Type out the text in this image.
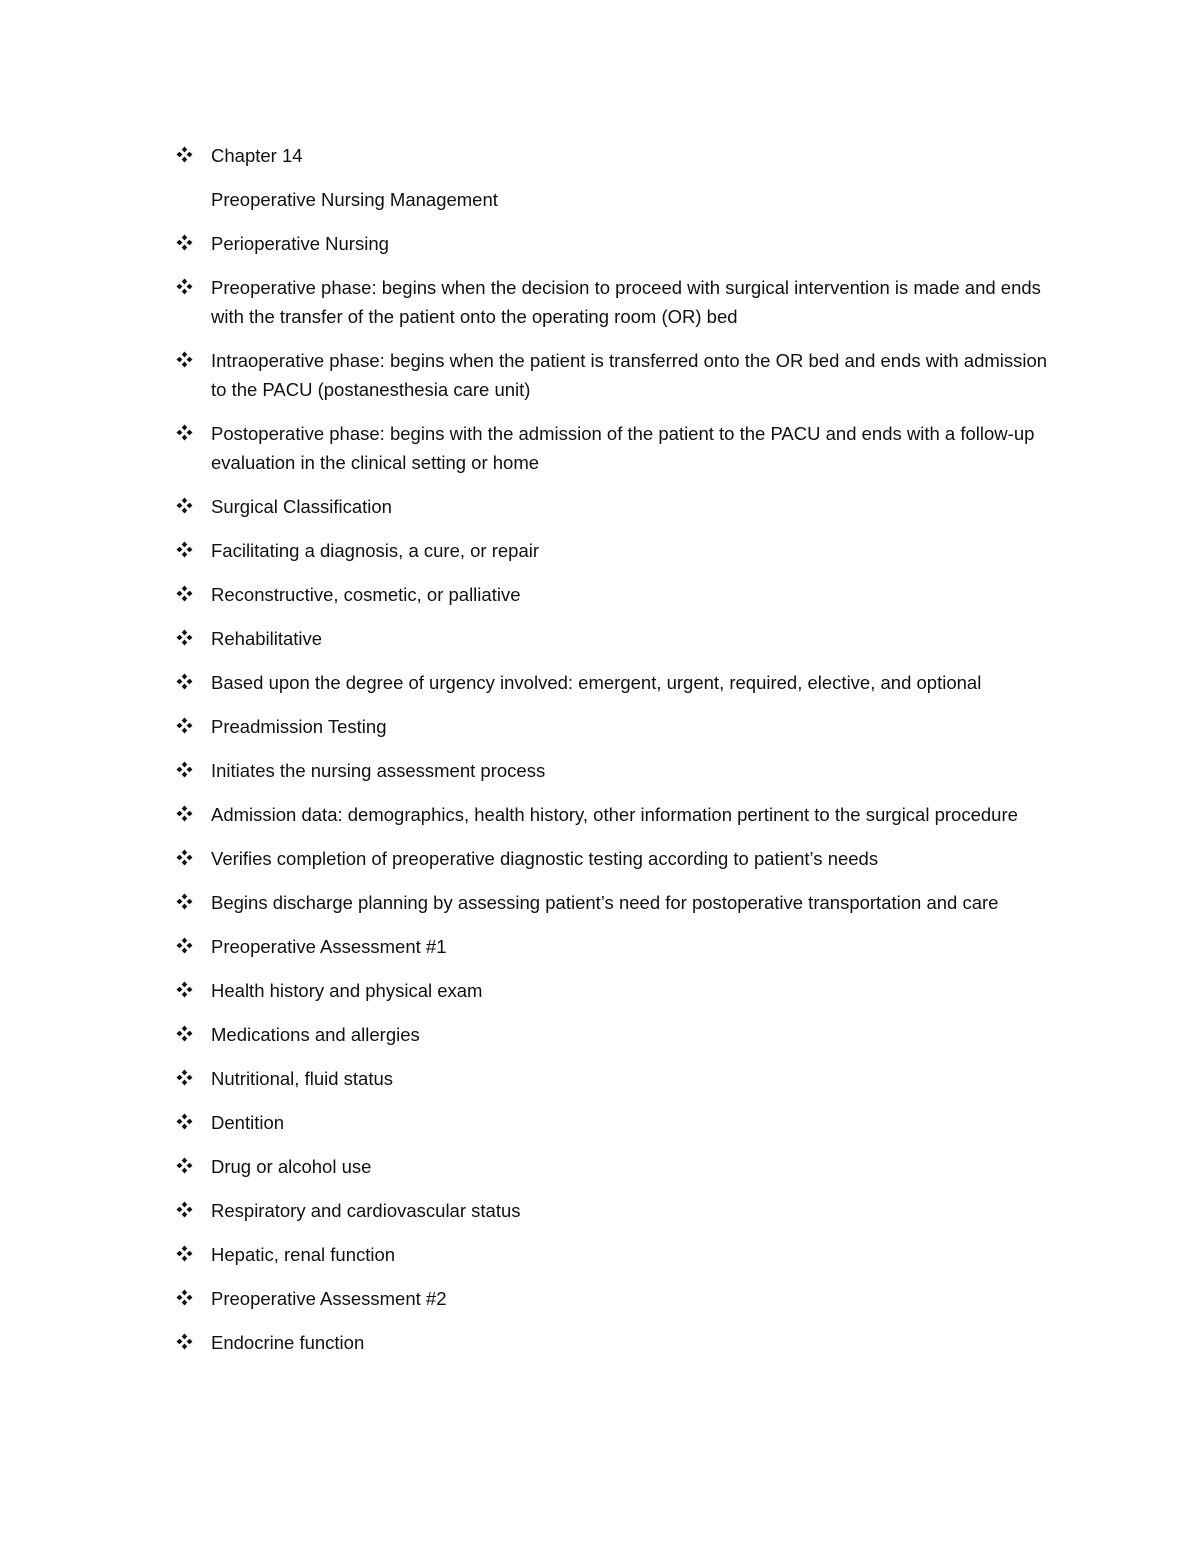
Chapter 14
Preoperative Nursing Management
Perioperative Nursing
Preoperative phase: begins when the decision to proceed with surgical intervention is made and ends with the transfer of the patient onto the operating room (OR) bed
Intraoperative phase: begins when the patient is transferred onto the OR bed and ends with admission to the PACU (postanesthesia care unit)
Postoperative phase: begins with the admission of the patient to the PACU and ends with a follow-up evaluation in the clinical setting or home
Surgical Classification
Facilitating a diagnosis, a cure, or repair
Reconstructive, cosmetic, or palliative
Rehabilitative
Based upon the degree of urgency involved: emergent, urgent, required, elective, and optional
Preadmission Testing
Initiates the nursing assessment process
Admission data: demographics, health history, other information pertinent to the surgical procedure
Verifies completion of preoperative diagnostic testing according to patient’s needs
Begins discharge planning by assessing patient’s need for postoperative transportation and care
Preoperative Assessment #1
Health history and physical exam
Medications and allergies
Nutritional, fluid status
Dentition
Drug or alcohol use
Respiratory and cardiovascular status
Hepatic, renal function
Preoperative Assessment #2
Endocrine function
